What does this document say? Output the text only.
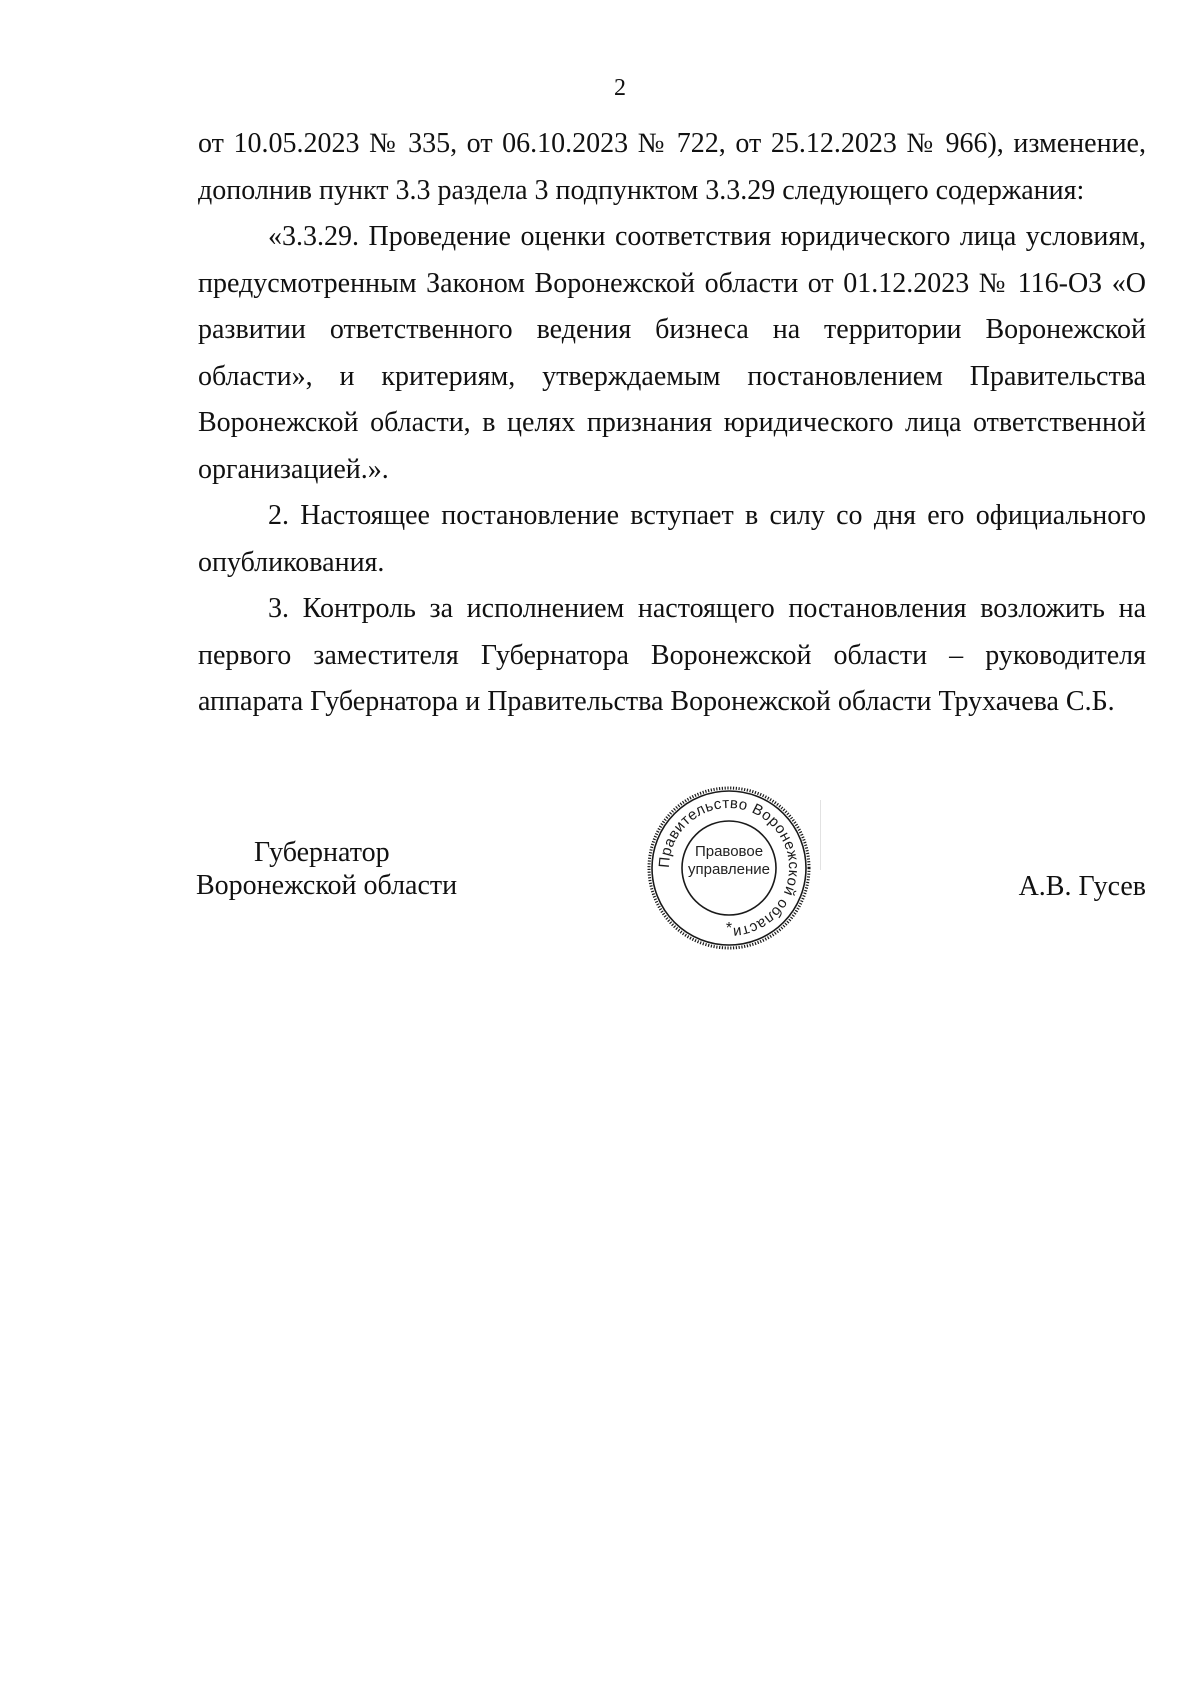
2

от 10.05.2023 № 335, от 06.10.2023 № 722, от 25.12.2023 № 966), изменение, дополнив пункт 3.3 раздела 3 подпунктом 3.3.29 следующего содержания:

«3.3.29. Проведение оценки соответствия юридического лица условиям, предусмотренным Законом Воронежской области от 01.12.2023 № 116-ОЗ «О развитии ответственного ведения бизнеса на территории Воронежской области», и критериям, утверждаемым постановлением Правительства Воронежской области, в целях признания юридического лица ответственной организацией.».

2. Настоящее постановление вступает в силу со дня его официального опубликования.

3. Контроль за исполнением настоящего постановления возложить на первого заместителя Губернатора Воронежской области – руководителя аппарата Губернатора и Правительства Воронежской области Трухачева С.Б.

Губернатор
Воронежской области
Правительство Воронежской области
*
Правовое
управление
А.В. Гусев
